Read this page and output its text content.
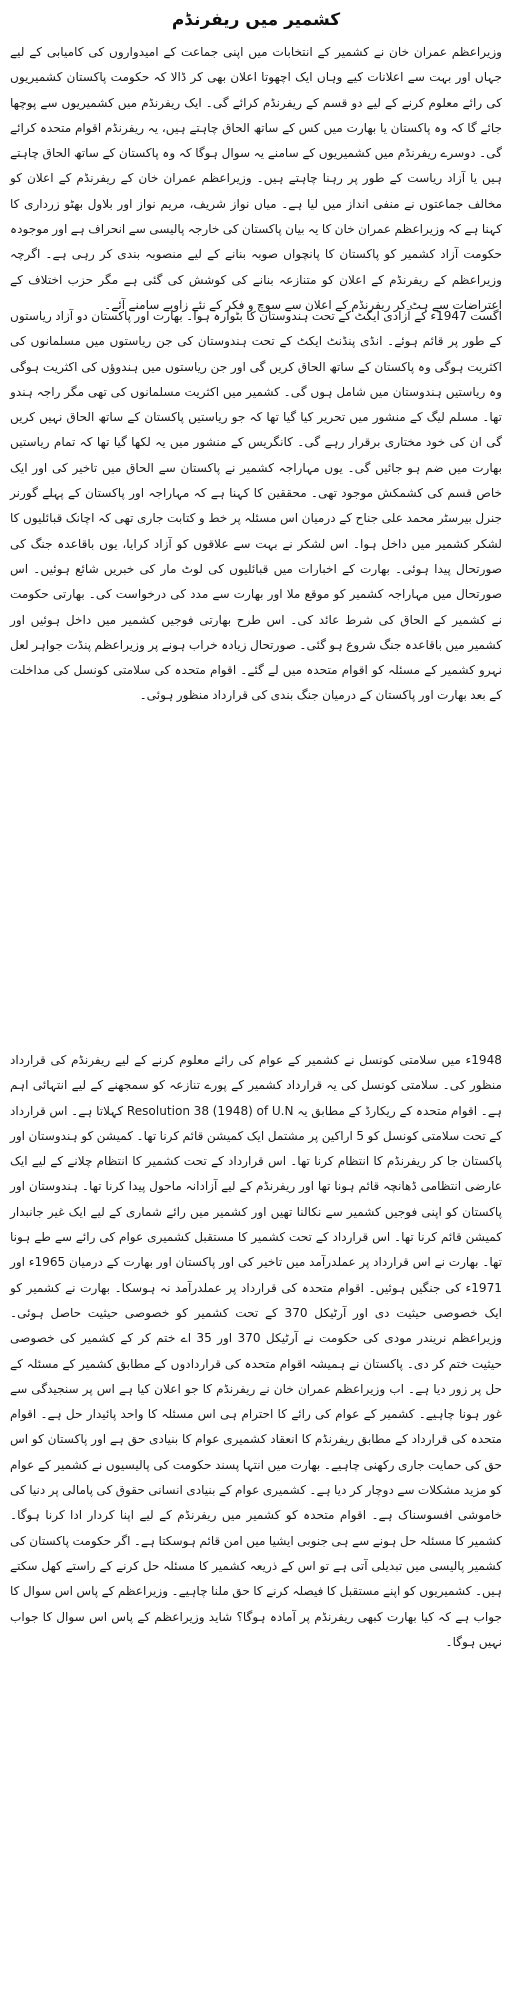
کشمیر میں ریفرنڈم

وزیراعظم عمران خان نے کشمیر کے انتخابات میں اپنی جماعت کے امیدواروں کی کامیابی کے لیے جہاں اور بہت سے اعلانات کیے وہاں ایک اچھوتا اعلان بھی کر ڈالا کہ حکومت پاکستان کشمیریوں کی رائے معلوم کرنے کے لیے دو قسم کے ریفرنڈم کرائے گی۔ ایک ریفرنڈم میں کشمیریوں سے پوچھا جائے گا کہ وہ پاکستان یا بھارت میں کس کے ساتھ الحاق چاہتے ہیں، یہ ریفرنڈم اقوام متحدہ کرائے گی۔ دوسرے ریفرنڈم میں کشمیریوں کے سامنے یہ سوال ہوگا کہ وہ پاکستان کے ساتھ الحاق چاہتے ہیں یا آزاد ریاست کے طور پر رہنا چاہتے ہیں۔ وزیراعظم عمران خان کے ریفرنڈم کے اعلان کو مخالف جماعتوں نے منفی انداز میں لیا ہے۔ میاں نواز شریف، مریم نواز اور بلاول بھٹو زرداری کا کہنا ہے کہ وزیراعظم عمران خان کا یہ بیان پاکستان کی خارجہ پالیسی سے انحراف ہے اور موجودہ حکومت آزاد کشمیر کو پاکستان کا پانچواں صوبہ بنانے کے لیے منصوبہ بندی کر رہی ہے۔ اگرچہ وزیراعظم کے ریفرنڈم کے اعلان کو متنازعہ بنانے کی کوشش کی گئی ہے مگر حزب اختلاف کے اعتراضات سے ہٹ کر ریفرنڈم کے اعلان سے سوچ و فکر کے نئے زاویے سامنے آئے۔

اگست 1947ء کے آزادی ایکٹ کے تحت ہندوستان کا بٹوارہ ہوا۔ بھارت اور پاکستان دو آزاد ریاستوں کے طور پر قائم ہوئے۔ انڈی پنڈنٹ ایکٹ کے تحت ہندوستان کی جن ریاستوں میں مسلمانوں کی اکثریت ہوگی وہ پاکستان کے ساتھ الحاق کریں گی اور جن ریاستوں میں ہندوؤں کی اکثریت ہوگی وہ ریاستیں ہندوستان میں شامل ہوں گی۔ کشمیر میں اکثریت مسلمانوں کی تھی مگر راجہ ہندو تھا۔ مسلم لیگ کے منشور میں تحریر کیا گیا تھا کہ جو ریاستیں پاکستان کے ساتھ الحاق نہیں کریں گی ان کی خود مختاری برقرار رہے گی۔ کانگریس کے منشور میں یہ لکھا گیا تھا کہ تمام ریاستیں بھارت میں ضم ہو جائیں گی۔ یوں مہاراجہ کشمیر نے پاکستان سے الحاق میں تاخیر کی اور ایک خاص قسم کی کشمکش موجود تھی۔ محققین کا کہنا ہے کہ مہاراجہ اور پاکستان کے پہلے گورنر جنرل بیرسٹر محمد علی جناح کے درمیان اس مسئلہ پر خط و کتابت جاری تھی کہ اچانک قبائلیوں کا لشکر کشمیر میں داخل ہوا۔ اس لشکر نے بہت سے علاقوں کو آزاد کرایا، یوں باقاعدہ جنگ کی صورتحال پیدا ہوئی۔ بھارت کے اخبارات میں قبائلیوں کی لوٹ مار کی خبریں شائع ہوئیں۔ اس صورتحال میں مہاراجہ کشمیر کو موقع ملا اور بھارت سے مدد کی درخواست کی۔ بھارتی حکومت نے کشمیر کے الحاق کی شرط عائد کی۔ اس طرح بھارتی فوجیں کشمیر میں داخل ہوئیں اور کشمیر میں باقاعدہ جنگ شروع ہو گئی۔ صورتحال زیادہ خراب ہونے پر وزیراعظم پنڈت جواہر لعل نہرو کشمیر کے مسئلہ کو اقوام متحدہ میں لے گئے۔ اقوام متحدہ کی سلامتی کونسل کی مداخلت کے بعد بھارت اور پاکستان کے درمیان جنگ بندی کی قرارداد منظور ہوئی۔

1948ء میں سلامتی کونسل نے کشمیر کے عوام کی رائے معلوم کرنے کے لیے ریفرنڈم کی قرارداد منظور کی۔ سلامتی کونسل کی یہ قرارداد کشمیر کے پورے تنازعہ کو سمجھنے کے لیے انتہائی اہم ہے۔ اقوام متحدہ کے ریکارڈ کے مطابق یہ Resolution 38 (1948) of U.N کہلاتا ہے۔ اس قرارداد کے تحت سلامتی کونسل کو 5 اراکین پر مشتمل ایک کمیشن قائم کرنا تھا۔ کمیشن کو ہندوستان اور پاکستان جا کر ریفرنڈم کا انتظام کرنا تھا۔ اس قرارداد کے تحت کشمیر کا انتظام چلانے کے لیے ایک عارضی انتظامی ڈھانچہ قائم ہونا تھا اور ریفرنڈم کے لیے آزادانہ ماحول پیدا کرنا تھا۔ ہندوستان اور پاکستان کو اپنی فوجیں کشمیر سے نکالنا تھیں اور کشمیر میں رائے شماری کے لیے ایک غیر جانبدار کمیشن قائم کرنا تھا۔ اس قرارداد کے تحت کشمیر کا مستقبل کشمیری عوام کی رائے سے طے ہونا تھا۔ بھارت نے اس قرارداد پر عملدرآمد میں تاخیر کی اور پاکستان اور بھارت کے درمیان 1965ء اور 1971ء کی جنگیں ہوئیں۔ اقوام متحدہ کی قرارداد پر عملدرآمد نہ ہوسکا۔ بھارت نے کشمیر کو ایک خصوصی حیثیت دی اور آرٹیکل 370 کے تحت کشمیر کو خصوصی حیثیت حاصل ہوئی۔ وزیراعظم نریندر مودی کی حکومت نے آرٹیکل 370 اور 35 اے ختم کر کے کشمیر کی خصوصی حیثیت ختم کر دی۔ پاکستان نے ہمیشہ اقوام متحدہ کی قراردادوں کے مطابق کشمیر کے مسئلہ کے حل پر زور دیا ہے۔ اب وزیراعظم عمران خان نے ریفرنڈم کا جو اعلان کیا ہے اس پر سنجیدگی سے غور ہونا چاہیے۔ کشمیر کے عوام کی رائے کا احترام ہی اس مسئلہ کا واحد پائیدار حل ہے۔ اقوام متحدہ کی قرارداد کے مطابق ریفرنڈم کا انعقاد کشمیری عوام کا بنیادی حق ہے اور پاکستان کو اس حق کی حمایت جاری رکھنی چاہیے۔ بھارت میں انتہا پسند حکومت کی پالیسیوں نے کشمیر کے عوام کو مزید مشکلات سے دوچار کر دیا ہے۔ کشمیری عوام کے بنیادی انسانی حقوق کی پامالی پر دنیا کی خاموشی افسوسناک ہے۔ اقوام متحدہ کو کشمیر میں ریفرنڈم کے لیے اپنا کردار ادا کرنا ہوگا۔ کشمیر کا مسئلہ حل ہونے سے ہی جنوبی ایشیا میں امن قائم ہوسکتا ہے۔ اگر حکومت پاکستان کی کشمیر پالیسی میں تبدیلی آتی ہے تو اس کے ذریعہ کشمیر کا مسئلہ حل کرنے کے راستے کھل سکتے ہیں۔ کشمیریوں کو اپنے مستقبل کا فیصلہ کرنے کا حق ملنا چاہیے۔ وزیراعظم کے پاس اس سوال کا جواب ہے کہ کیا بھارت کبھی ریفرنڈم پر آمادہ ہوگا؟ شاید وزیراعظم کے پاس اس سوال کا جواب نہیں ہوگا۔
